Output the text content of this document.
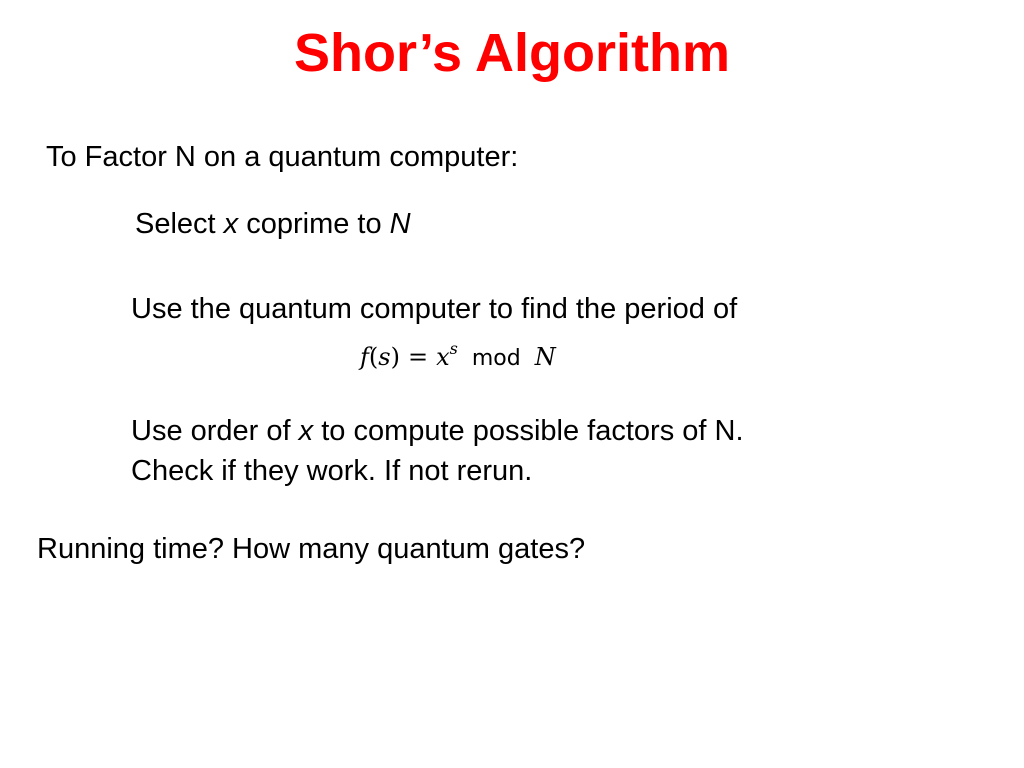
Shor’s Algorithm
To Factor N on a quantum computer:
Select x coprime to N
Use the quantum computer to find the period of
$f(s) = x^s$ mod N
Use order of x to compute possible factors of N.
Check if they work. If not rerun.
Running time? How many quantum gates?
